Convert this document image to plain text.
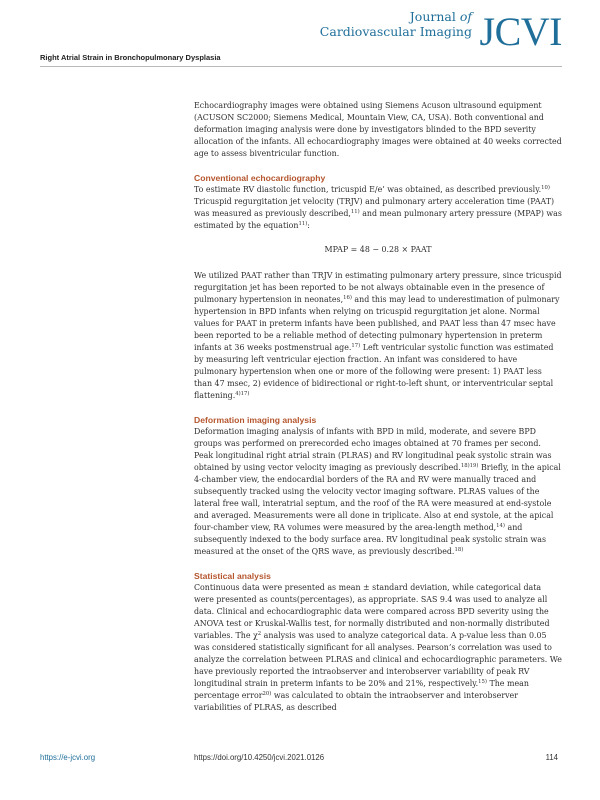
Right Atrial Strain in Bronchopulmonary Dysplasia
Journal of
Cardiovascular Imaging JCVI

Echocardiography images were obtained using Siemens Acuson ultrasound equipment (ACUSON SC2000; Siemens Medical, Mountain View, CA, USA). Both conventional and deformation imaging analysis were done by investigators blinded to the BPD severity allocation of the infants. All echocardiography images were obtained at 40 weeks corrected age to assess biventricular function.

Conventional echocardiography

To estimate RV diastolic function, tricuspid E/e’ was obtained, as described previously.$^{10)}$ Tricuspid regurgitation jet velocity (TRJV) and pulmonary artery acceleration time (PAAT) was measured as previously described,$^{11)}$ and mean pulmonary artery pressure (MPAP) was estimated by the equation$^{11)}$:

MPAP = 48 − 0.28 × PAAT

We utilized PAAT rather than TRJV in estimating pulmonary artery pressure, since tricuspid regurgitation jet has been reported to be not always obtainable even in the presence of pulmonary hypertension in neonates,$^{16)}$ and this may lead to underestimation of pulmonary hypertension in BPD infants when relying on tricuspid regurgitation jet alone. Normal values for PAAT in preterm infants have been published, and PAAT less than 47 msec have been reported to be a reliable method of detecting pulmonary hypertension in preterm infants at 36 weeks postmenstrual age.$^{17)}$ Left ventricular systolic function was estimated by measuring left ventricular ejection fraction. An infant was considered to have pulmonary hypertension when one or more of the following were present: 1) PAAT less than 47 msec, 2) evidence of bidirectional or right-to-left shunt, or interventricular septal flattening.$^{4)17)}$

Deformation imaging analysis

Deformation imaging analysis of infants with BPD in mild, moderate, and severe BPD groups was performed on prerecorded echo images obtained at 70 frames per second. Peak longitudinal right atrial strain (PLRAS) and RV longitudinal peak systolic strain was obtained by using vector velocity imaging as previously described.$^{18)19)}$ Briefly, in the apical 4-chamber view, the endocardial borders of the RA and RV were manually traced and subsequently tracked using the velocity vector imaging software. PLRAS values of the lateral free wall, interatrial septum, and the roof of the RA were measured at end-systole and averaged. Measurements were all done in triplicate. Also at end systole, at the apical four-chamber view, RA volumes were measured by the area-length method,$^{14)}$ and subsequently indexed to the body surface area. RV longitudinal peak systolic strain was measured at the onset of the QRS wave, as previously described.$^{18)}$

Statistical analysis

Continuous data were presented as mean ± standard deviation, while categorical data were presented as counts(percentages), as appropriate. SAS 9.4 was used to analyze all data. Clinical and echocardiographic data were compared across BPD severity using the ANOVA test or Kruskal-Wallis test, for normally distributed and non-normally distributed variables. The χ$^2$ analysis was used to analyze categorical data. A p-value less than 0.05 was considered statistically significant for all analyses. Pearson’s correlation was used to analyze the correlation between PLRAS and clinical and echocardiographic parameters. We have previously reported the intraobserver and interobserver variability of peak RV longitudinal strain in preterm infants to be 20% and 21%, respectively.$^{15)}$ The mean percentage error$^{20)}$ was calculated to obtain the intraobserver and interobserver variabilities of PLRAS, as described

https://e-jcvi.org	https://doi.org/10.4250/jcvi.2021.0126	114
